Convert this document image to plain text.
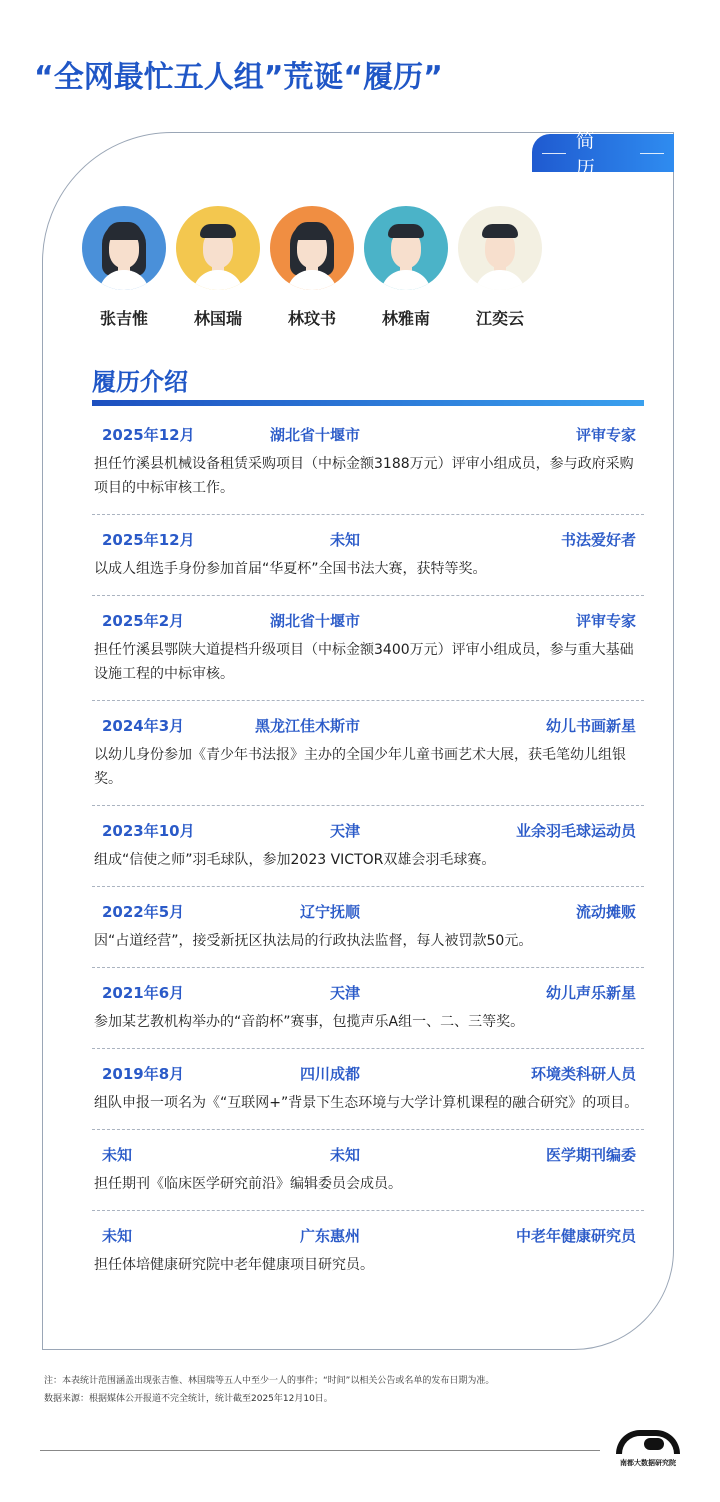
“全网最忙五人组”荒诞“履历”
简 历
张吉惟	林国瑞	林玟书	林雅南	江奕云
履历介绍
2025年12月	湖北省十堰市	评审专家
担任竹溪县机械设备租赁采购项目（中标金额3188万元）评审小组成员，参与政府采购项目的中标审核工作。
2025年12月	未知	书法爱好者
以成人组选手身份参加首届“华夏杯”全国书法大赛，获特等奖。
2025年2月	湖北省十堰市	评审专家
担任竹溪县鄂陕大道提档升级项目（中标金额3400万元）评审小组成员，参与重大基础设施工程的中标审核。
2024年3月	黑龙江佳木斯市	幼儿书画新星
以幼儿身份参加《青少年书法报》主办的全国少年儿童书画艺术大展，获毛笔幼儿组银奖。
2023年10月	天津	业余羽毛球运动员
组成“信使之师”羽毛球队，参加2023 VICTOR双雄会羽毛球赛。
2022年5月	辽宁抚顺	流动摊贩
因“占道经营”，接受新抚区执法局的行政执法监督，每人被罚款50元。
2021年6月	天津	幼儿声乐新星
参加某艺教机构举办的“音韵杯”赛事，包揽声乐A组一、二、三等奖。
2019年8月	四川成都	环境类科研人员
组队申报一项名为《“互联网+”背景下生态环境与大学计算机课程的融合研究》的项目。
未知	未知	医学期刊编委
担任期刊《临床医学研究前沿》编辑委员会成员。
未知	广东惠州	中老年健康研究员
担任体培健康研究院中老年健康项目研究员。
注：本表统计范围涵盖出现张吉惟、林国瑞等五人中至少一人的事件；“时间”以相关公告或名单的发布日期为准。
数据来源：根据媒体公开报道不完全统计，统计截至2025年12月10日。
南都大数据研究院
